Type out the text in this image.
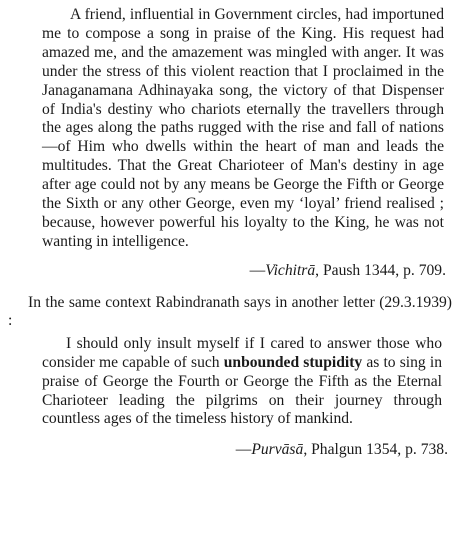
A friend, influential in Government circles, had importuned me to compose a song in praise of the King. His request had amazed me, and the amazement was mingled with anger. It was under the stress of this violent reaction that I proclaimed in the Janaganamana Adhinayaka song, the victory of that Dispenser of India's destiny who chariots eternally the travellers through the ages along the paths rugged with the rise and fall of nations—of Him who dwells within the heart of man and leads the multitudes. That the Great Charioteer of Man's destiny in age after age could not by any means be George the Fifth or George the Sixth or any other George, even my ‘loyal’ friend realised ; because, however powerful his loyalty to the King, he was not wanting in intelligence.

—Vichitrā, Paush 1344, p. 709.

In the same context Rabindranath says in another letter (29.3.1939) :

I should only insult myself if I cared to answer those who consider me capable of such unbounded stupidity as to sing in praise of George the Fourth or George the Fifth as the Eternal Charioteer leading the pilgrims on their journey through countless ages of the timeless history of mankind.

—Purvāsā, Phalgun 1354, p. 738.
